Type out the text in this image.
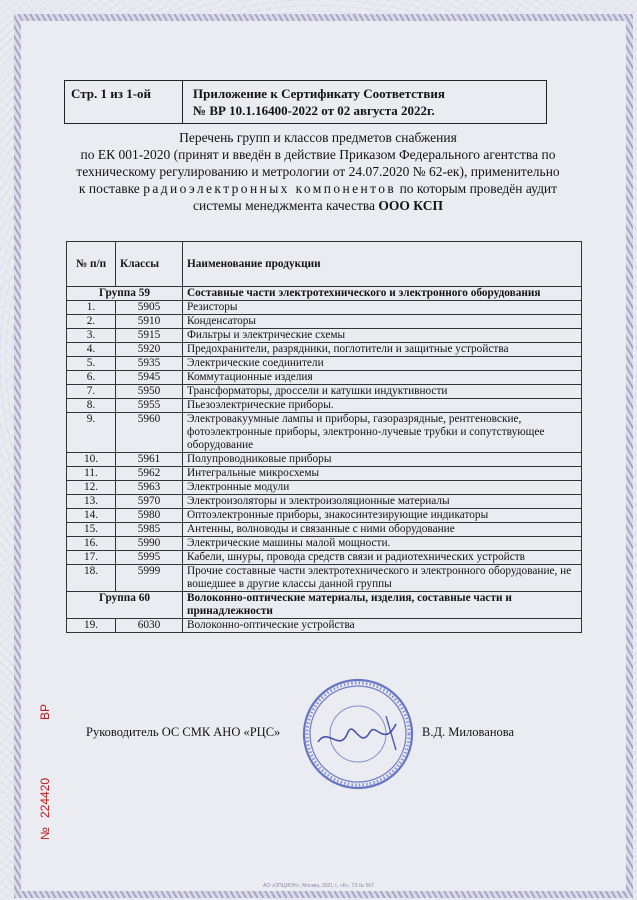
Стр. 1 из 1-ой	Приложение к Сертификату Соответствия
№ ВР 10.1.16400-2022 от 02 августа 2022г.
Перечень групп и классов предметов снабжения
по ЕК 001-2020 (принят и введён в действие Приказом Федерального агентства по
техническому регулированию и метрологии от 24.07.2020 № 62-ек), применительно
к поставке радиоэлектронных компонентов по которым проведён аудит
системы менеджмента качества ООО КСП
№ п/п	Классы	Наименование продукции
Группа 59		Составные части электротехнического и электронного оборудования
1.	5905	Резисторы
2.	5910	Конденсаторы
3.	5915	Фильтры и электрические схемы
4.	5920	Предохранители, разрядники, поглотители и защитные устройства
5.	5935	Электрические соединители
6.	5945	Коммутационные изделия
7.	5950	Трансформаторы, дроссели и катушки индуктивности
8.	5955	Пьезоэлектрические приборы.
9.	5960	Электровакуумные лампы и приборы, газоразрядные, рентгеновские, фотоэлектронные приборы, электронно-лучевые трубки и сопутствующее оборудование
10.	5961	Полупроводниковые приборы
11.	5962	Интегральные микросхемы
12.	5963	Электронные модули
13.	5970	Электроизоляторы и электроизоляционные материалы
14.	5980	Оптоэлектронные приборы, знакосинтезирующие индикаторы
15.	5985	Антенны, волноводы и связанные с ними оборудование
16.	5990	Электрические машины малой мощности.
17.	5995	Кабели, шнуры, провода средств связи и радиотехнических устройств
18.	5999	Прочие составные части электротехнического и электронного оборудование, не вошедшее в другие классы данной группы
Группа 60		Волоконно-оптические материалы, изделия, составные части и принадлежности
19.	6030	Волоконно-оптические устройства
Руководитель ОС СМК АНО «РЦС»	В.Д. Милованова
№
224420
ВР
АО «ОПЦИОН», Москва, 2021 г., «Б», ТЗ № 567
